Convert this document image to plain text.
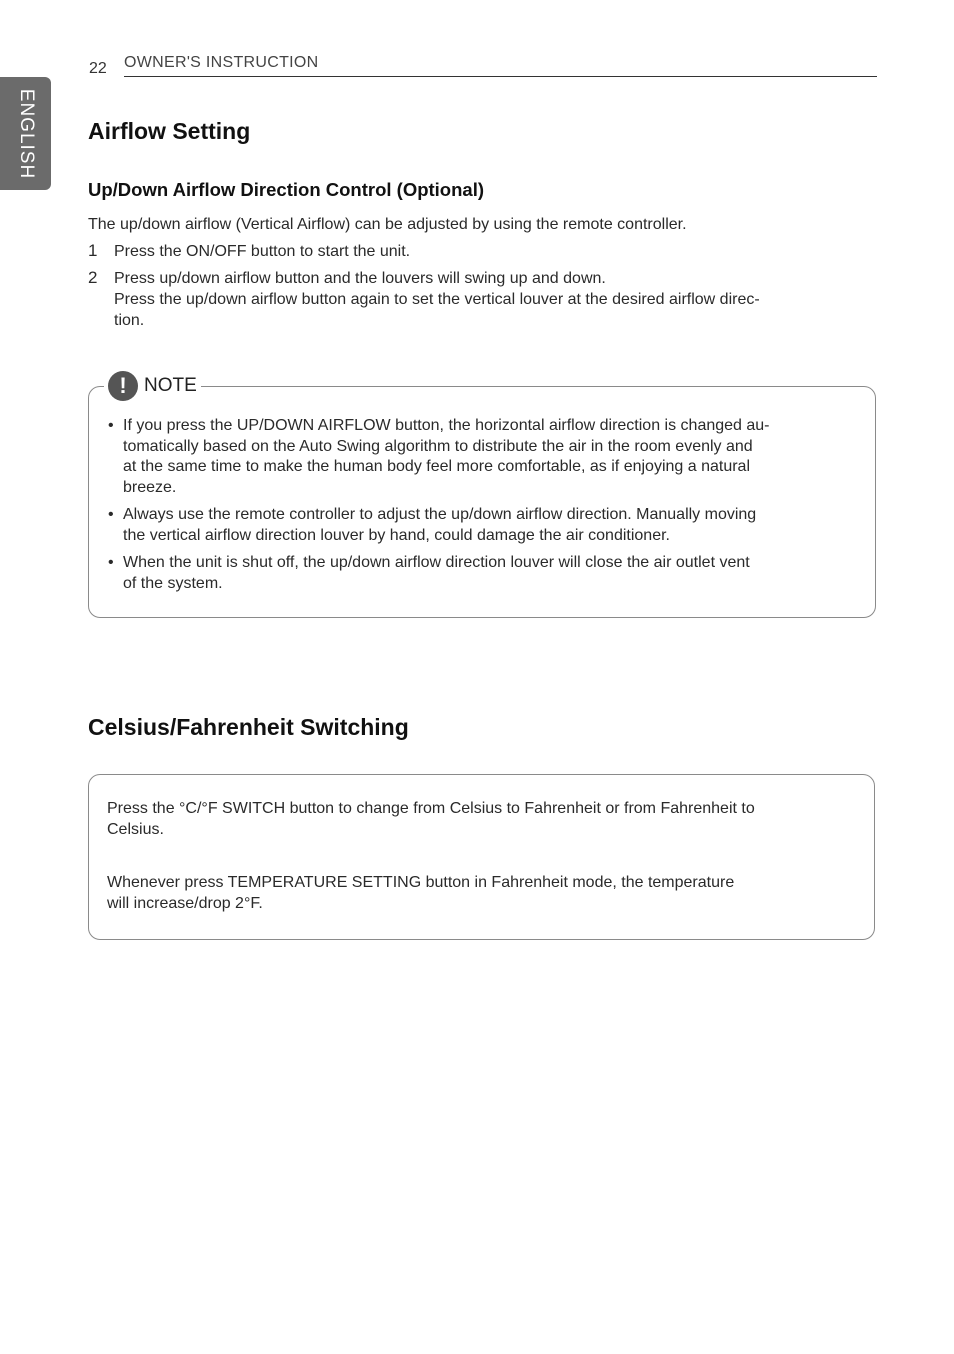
ENGLISH
22 OWNER'S INSTRUCTION
Airflow Setting
Up/Down Airflow Direction Control (Optional)
The up/down airflow (Vertical Airflow) can be adjusted by using the remote controller.
1 Press the ON/OFF button to start the unit.
2 Press up/down airflow button and the louvers will swing up and down.
Press the up/down airflow button again to set the vertical louver at the desired airflow direc-
tion.
! NOTE
• If you press the UP/DOWN AIRFLOW button, the horizontal airflow direction is changed au-
tomatically based on the Auto Swing algorithm to distribute the air in the room evenly and
at the same time to make the human body feel more comfortable, as if enjoying a natural
breeze.
• Always use the remote controller to adjust the up/down airflow direction. Manually moving
the vertical airflow direction louver by hand, could damage the air conditioner.
• When the unit is shut off, the up/down airflow direction louver will close the air outlet vent
of the system.
Celsius/Fahrenheit Switching
Press the °C/°F SWITCH button to change from Celsius to Fahrenheit or from Fahrenheit to
Celsius.
Whenever press TEMPERATURE SETTING button in Fahrenheit mode, the temperature
will increase/drop 2°F.
